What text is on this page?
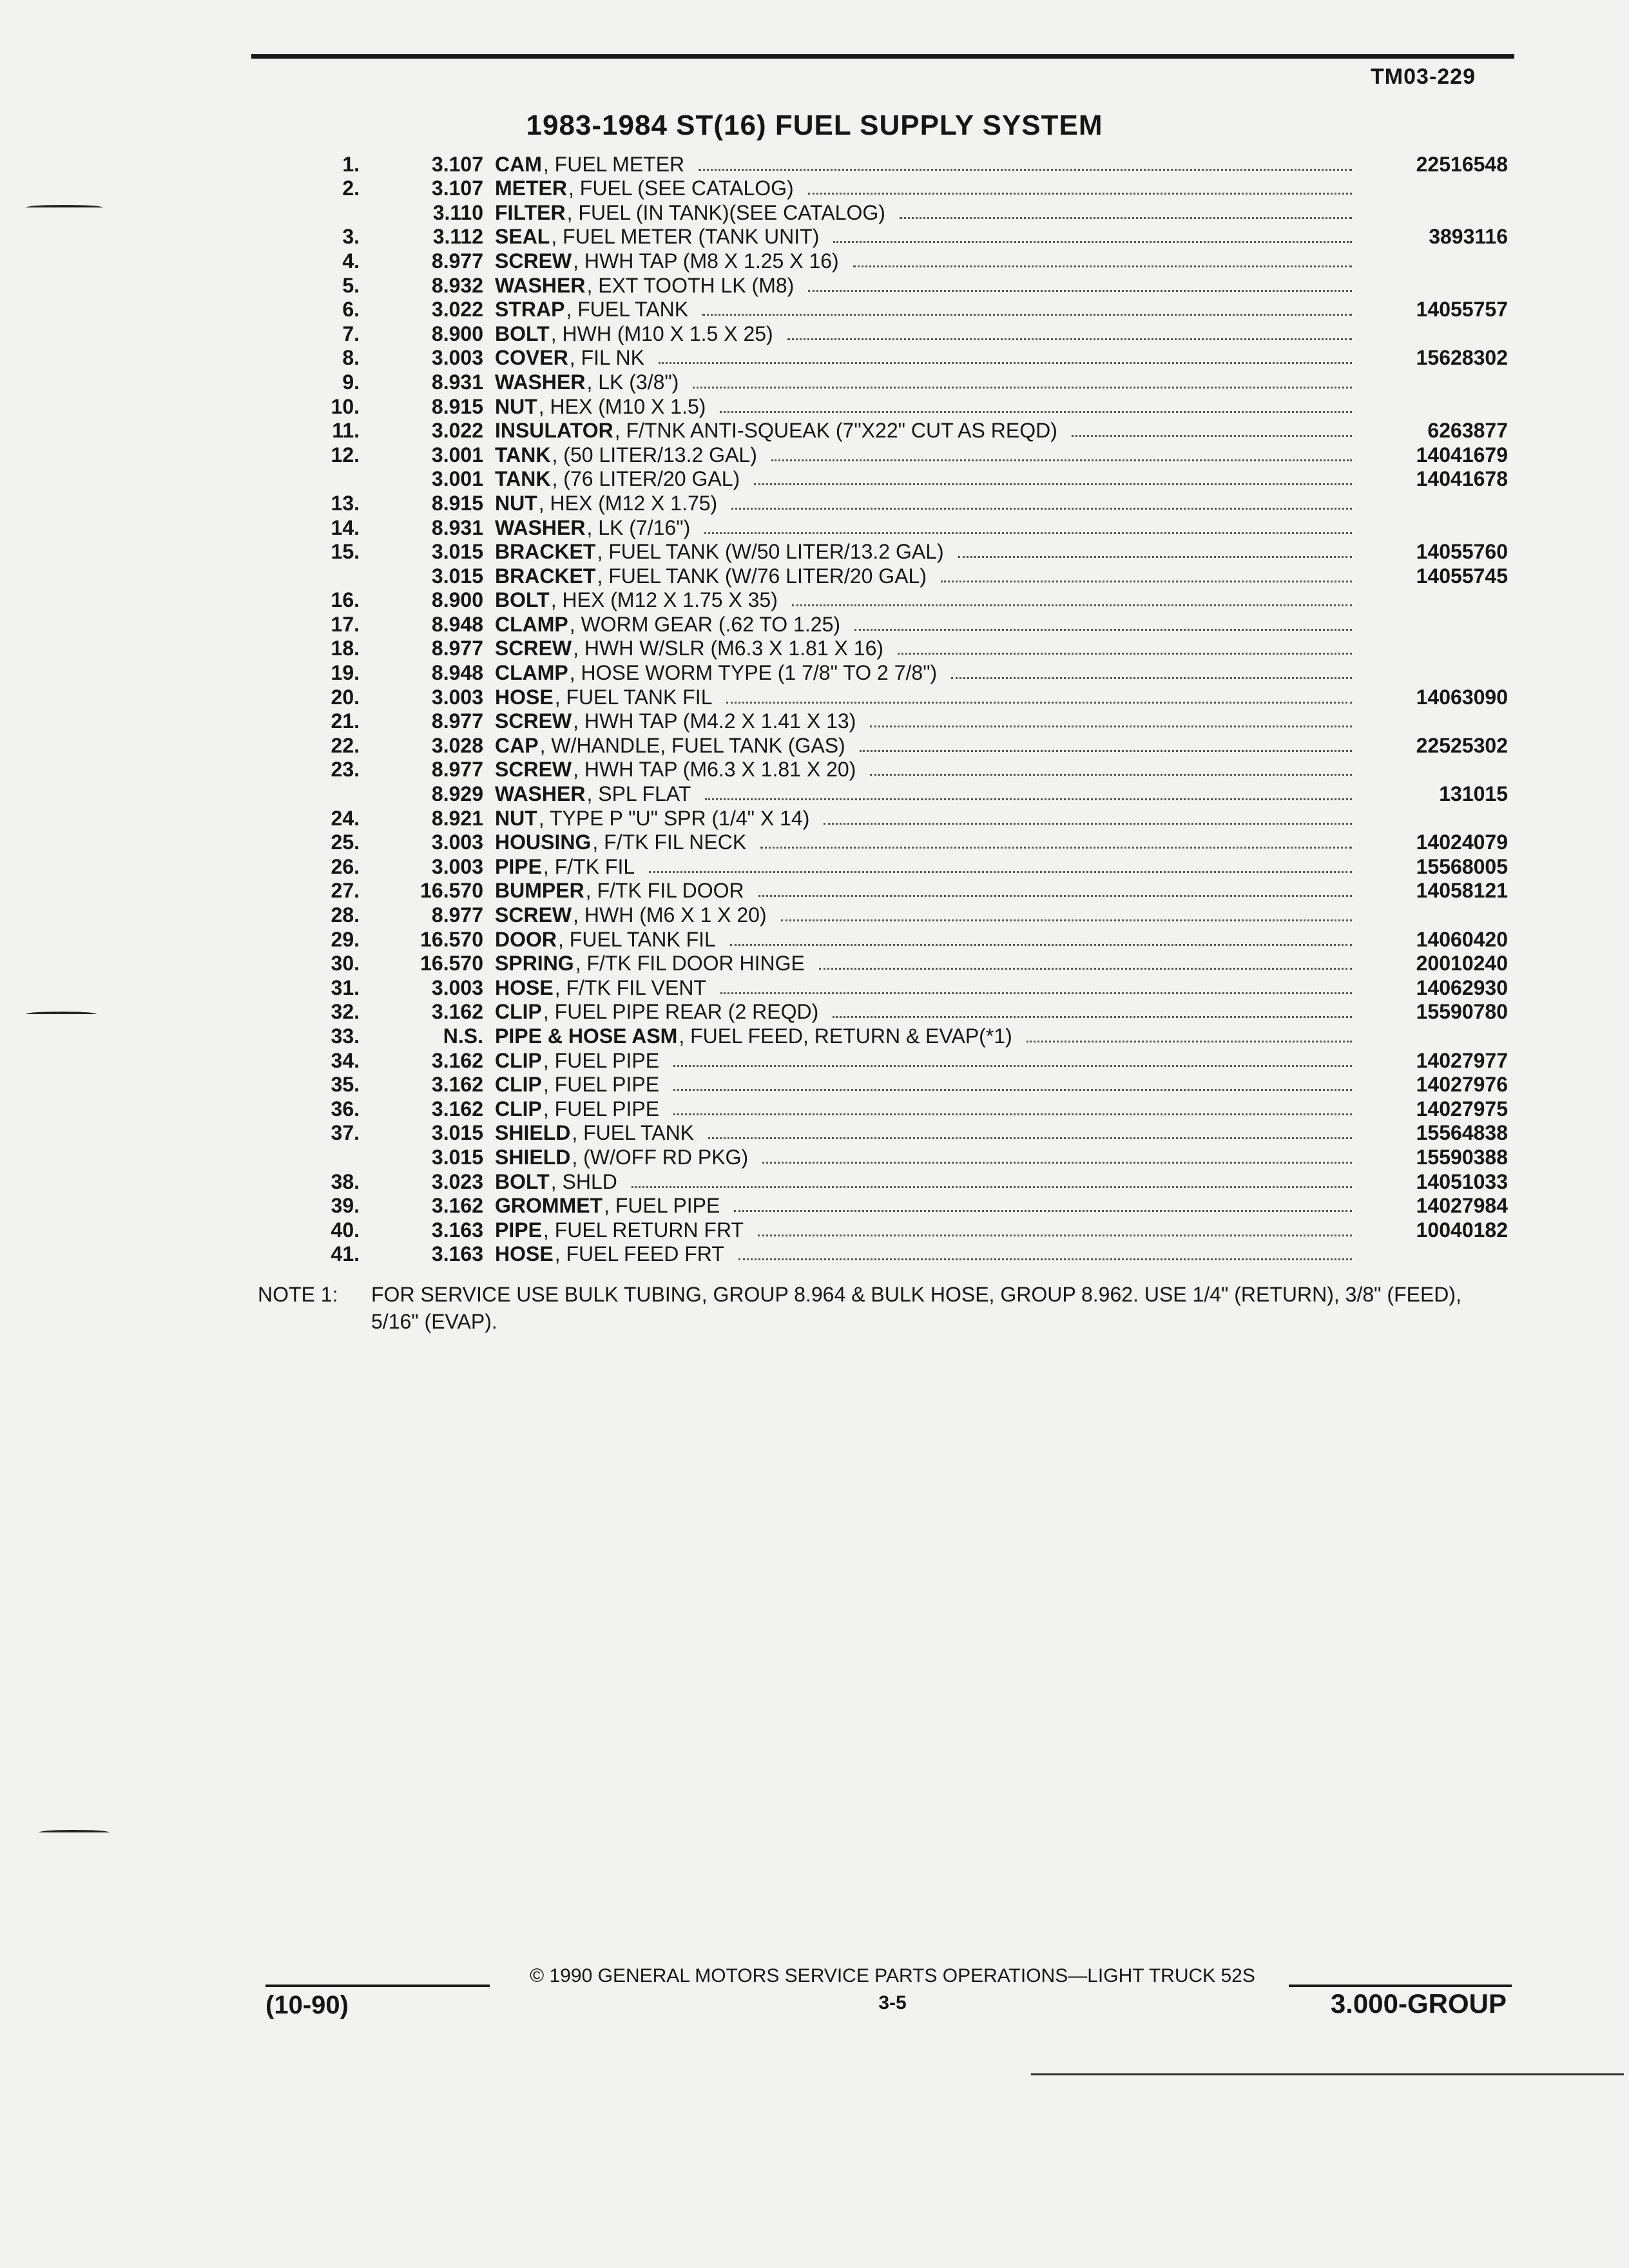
TM03-229
1983-1984 ST(16) FUEL SUPPLY SYSTEM
1.	3.107 CAM , FUEL METER	22516548
2.	3.107 METER , FUEL (SEE CATALOG)
3.110 FILTER , FUEL (IN TANK)(SEE CATALOG)
3.	3.112 SEAL , FUEL METER (TANK UNIT)	3893116
4.	8.977 SCREW , HWH TAP (M8 X 1.25 X 16)
5.	8.932 WASHER , EXT TOOTH LK (M8)
6.	3.022 STRAP , FUEL TANK	14055757
7.	8.900 BOLT , HWH (M10 X 1.5 X 25)
8.	3.003 COVER , FIL NK	15628302
9.	8.931 WASHER , LK (3/8")
10.	8.915 NUT , HEX (M10 X 1.5)
11.	3.022 INSULATOR , F/TNK ANTI-SQUEAK (7"X22" CUT AS REQD)	6263877
12.	3.001 TANK , (50 LITER/13.2 GAL)	14041679
3.001 TANK , (76 LITER/20 GAL)	14041678
13.	8.915 NUT , HEX (M12 X 1.75)
14.	8.931 WASHER , LK (7/16")
15.	3.015 BRACKET , FUEL TANK (W/50 LITER/13.2 GAL)	14055760
3.015 BRACKET , FUEL TANK (W/76 LITER/20 GAL)	14055745
16.	8.900 BOLT , HEX (M12 X 1.75 X 35)
17.	8.948 CLAMP , WORM GEAR (.62 TO 1.25)
18.	8.977 SCREW , HWH W/SLR (M6.3 X 1.81 X 16)
19.	8.948 CLAMP , HOSE WORM TYPE (1 7/8" TO 2 7/8")
20.	3.003 HOSE , FUEL TANK FIL	14063090
21.	8.977 SCREW , HWH TAP (M4.2 X 1.41 X 13)
22.	3.028 CAP , W/HANDLE, FUEL TANK (GAS)	22525302
23.	8.977 SCREW , HWH TAP (M6.3 X 1.81 X 20)
8.929 WASHER , SPL FLAT	131015
24.	8.921 NUT , TYPE P "U" SPR (1/4" X 14)
25.	3.003 HOUSING , F/TK FIL NECK	14024079
26.	3.003 PIPE , F/TK FIL	15568005
27.	16.570 BUMPER , F/TK FIL DOOR	14058121
28.	8.977 SCREW , HWH (M6 X 1 X 20)
29.	16.570 DOOR , FUEL TANK FIL	14060420
30.	16.570 SPRING , F/TK FIL DOOR HINGE	20010240
31.	3.003 HOSE , F/TK FIL VENT	14062930
32.	3.162 CLIP , FUEL PIPE REAR (2 REQD)	15590780
33.	N.S. PIPE & HOSE ASM , FUEL FEED, RETURN & EVAP(*1)
34.	3.162 CLIP , FUEL PIPE	14027977
35.	3.162 CLIP , FUEL PIPE	14027976
36.	3.162 CLIP , FUEL PIPE	14027975
37.	3.015 SHIELD , FUEL TANK	15564838
3.015 SHIELD , (W/OFF RD PKG)	15590388
38.	3.023 BOLT , SHLD	14051033
39.	3.162 GROMMET , FUEL PIPE	14027984
40.	3.163 PIPE , FUEL RETURN FRT	10040182
41.	3.163 HOSE , FUEL FEED FRT
NOTE 1: FOR SERVICE USE BULK TUBING, GROUP 8.964 & BULK HOSE, GROUP 8.962. USE 1/4" (RETURN), 3/8" (FEED), 5/16" (EVAP).
© 1990 GENERAL MOTORS SERVICE PARTS OPERATIONS—LIGHT TRUCK 52S
3-5
(10-90)	3.000-GROUP
